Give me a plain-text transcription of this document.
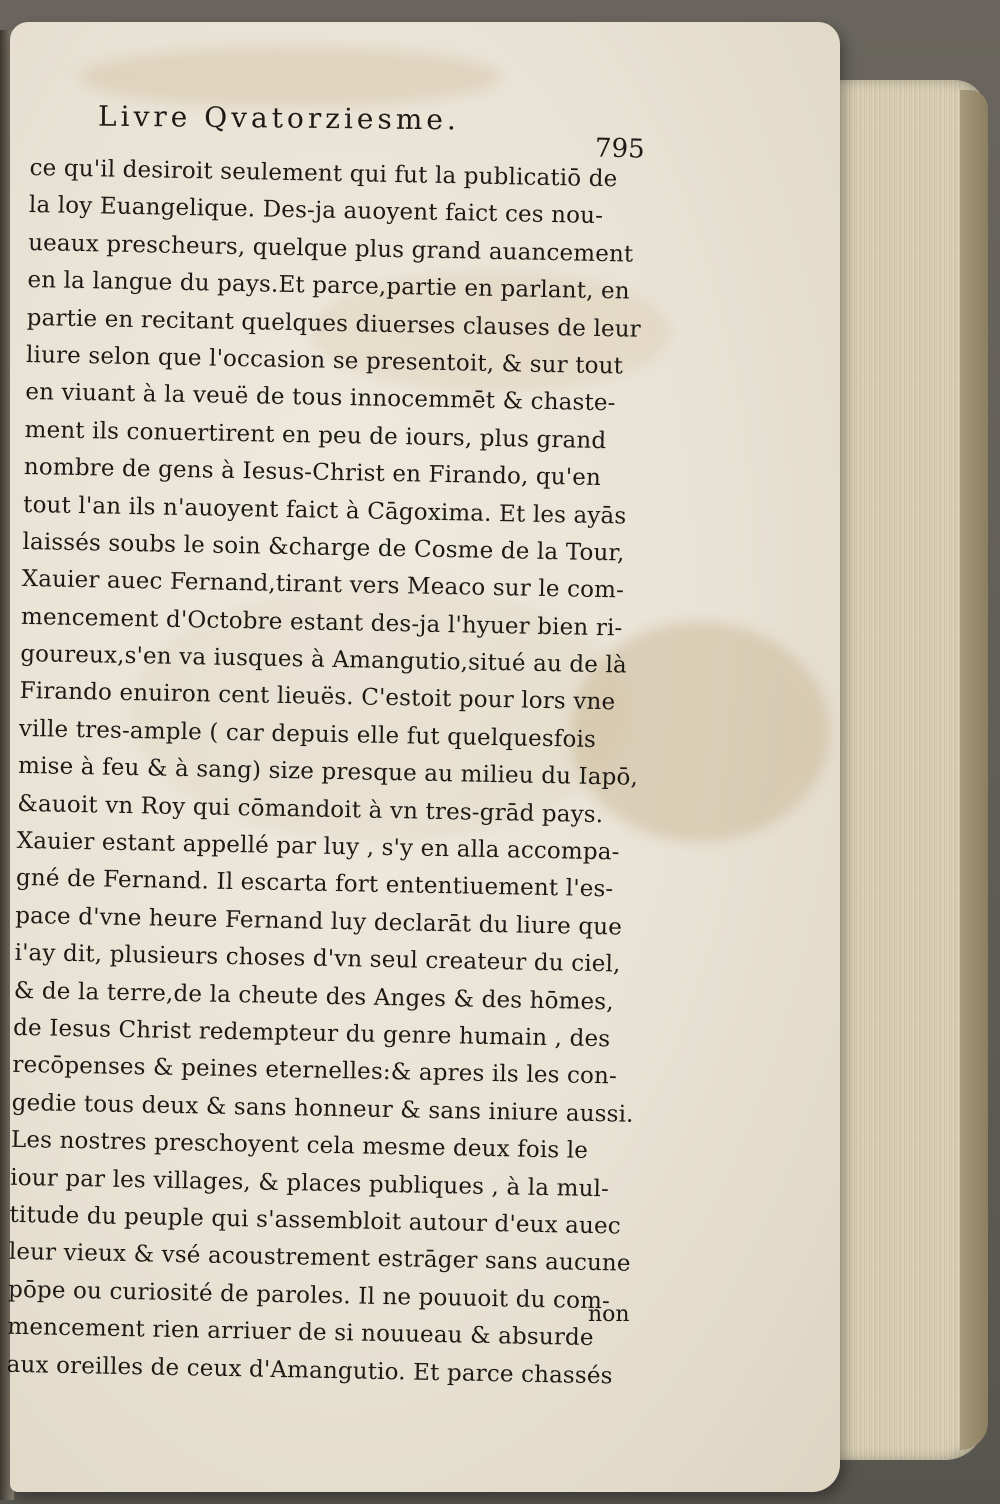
Livre Qvatorziesme.
795
ce qu'il desiroit seulement qui fut la publicatiō de
la loy Euangelique. Des-ja auoyent faict ces nou-
ueaux prescheurs, quelque plus grand auancement
en la langue du pays.Et parce,partie en parlant, en
partie en recitant quelques diuerses clauses de leur
liure selon que l'occasion se presentoit, & sur tout
en viuant à la veuë de tous innocemmēt & chaste-
ment ils conuertirent en peu de iours, plus grand
nombre de gens à Iesus-Christ en Firando, qu'en
tout l'an ils n'auoyent faict à Cāgoxima. Et les ayās
laissés soubs le soin &charge de Cosme de la Tour,
Xauier auec Fernand,tirant vers Meaco sur le com-
mencement d'Octobre estant des-ja l'hyuer bien ri-
goureux,s'en va iusques à Amangutio,situé au de là
Firando enuiron cent lieuës. C'estoit pour lors vne
ville tres-ample ( car depuis elle fut quelquesfois
mise à feu & à sang) size presque au milieu du Iapō,
&auoit vn Roy qui cōmandoit à vn tres-grād pays.
Xauier estant appellé par luy , s'y en alla accompa-
gné de Fernand. Il escarta fort ententiuement l'es-
pace d'vne heure Fernand luy declarāt du liure que
i'ay dit, plusieurs choses d'vn seul createur du ciel,
& de la terre,de la cheute des Anges & des hōmes,
de Iesus Christ redempteur du genre humain , des
recōpenses & peines eternelles:& apres ils les con-
gedie tous deux & sans honneur & sans iniure aussi.
Les nostres preschoyent cela mesme deux fois le
iour par les villages, & places publiques , à la mul-
titude du peuple qui s'assembloit autour d'eux auec
leur vieux & vsé acoustrement estrāger sans aucune
pōpe ou curiosité de paroles. Il ne pouuoit du com-
mencement rien arriuer de si nouueau & absurde
aux oreilles de ceux d'Amangutio. Et parce chassés
non
